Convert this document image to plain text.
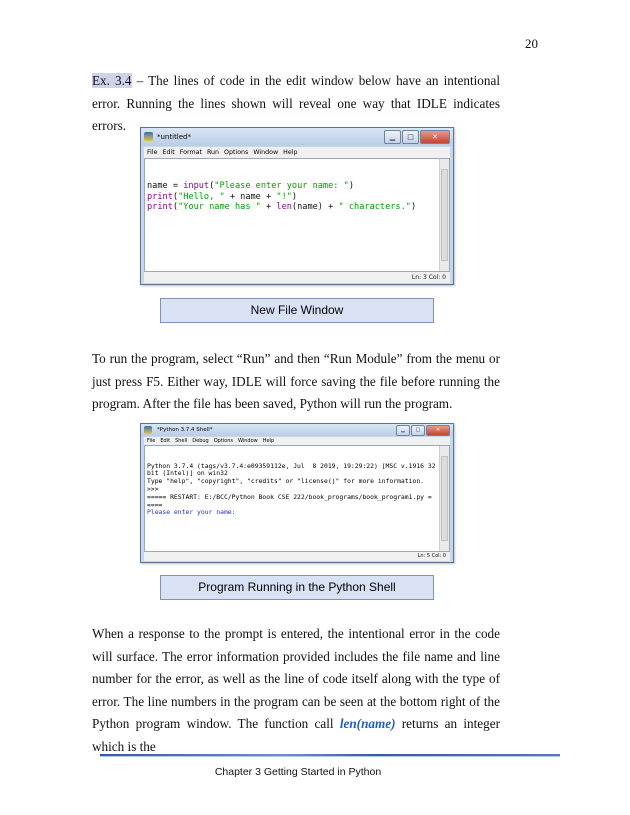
20

Ex. 3.4 – The lines of code in the edit window below have an intentional error. Running the lines shown will reveal one way that IDLE indicates errors.

*untitled*	▁	□	✕
File Edit Format Run Options Window Help

name = input("Please enter your name: ")
print("Hello, " + name + "!")
print("Your name has " + len(name) + " characters.")

Ln: 3 Col: 0
New File Window

To run the program, select “Run” and then “Run Module” from the menu or just press F5. Either way, IDLE will force saving the file before running the program. After the file has been saved, Python will run the program.

*Python 3.7.4 Shell*	▁	□	✕
File Edit Shell Debug Options Window Help

Python 3.7.4 (tags/v3.7.4:e09359112e, Jul  8 2019, 19:29:22) [MSC v.1916 32
bit (Intel)] on win32
Type "help", "copyright", "credits" or "license()" for more information.
>>>
===== RESTART: E:/BCC/Python Book CSE 222/book_programs/book_program1.py =
====
Please enter your name:

Ln: 5 Col: 0
Program Running in the Python Shell

When a response to the prompt is entered, the intentional error in the code will surface. The error information provided includes the file name and line number for the error, as well as the line of code itself along with the type of error. The line numbers in the program can be seen at the bottom right of the Python program window. The function call len(name) returns an integer which is the

Chapter 3 Getting Started in Python
